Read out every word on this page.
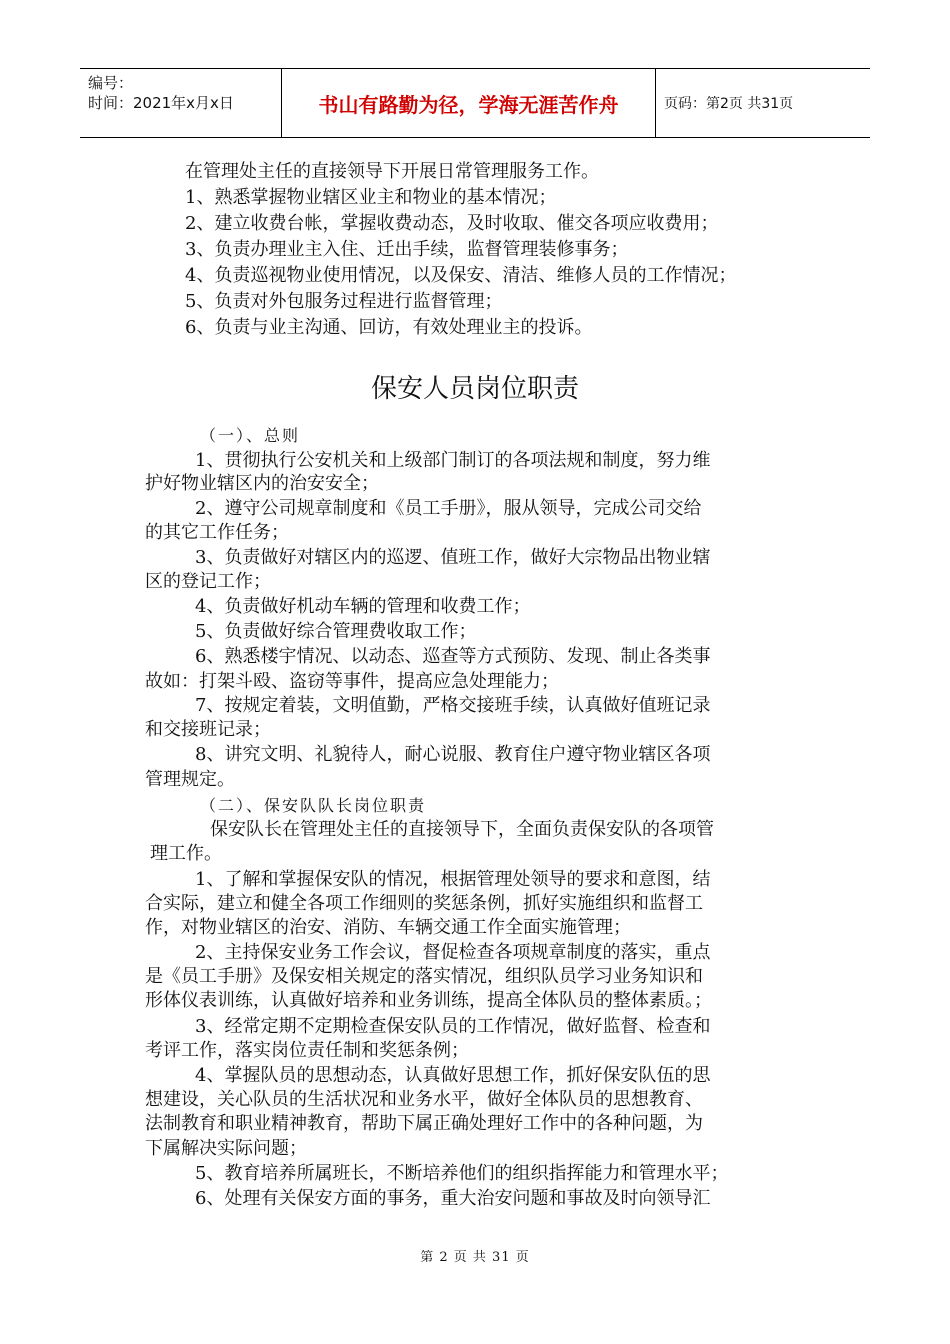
编号：
时间：2021年x月x日	书山有路勤为径，学海无涯苦作舟	页码：第2页 共31页
在管理处主任的直接领导下开展日常管理服务工作。
1、熟悉掌握物业辖区业主和物业的基本情况；
2、建立收费台帐，掌握收费动态，及时收取、催交各项应收费用；
3、负责办理业主入住、迁出手续，监督管理装修事务；
4、负责巡视物业使用情况，以及保安、清洁、维修人员的工作情况；
5、负责对外包服务过程进行监督管理；
6、负责与业主沟通、回访，有效处理业主的投诉。
保安人员岗位职责
（一）、总则
1、贯彻执行公安机关和上级部门制订的各项法规和制度，努力维
护好物业辖区内的治安安全；
2、遵守公司规章制度和《员工手册》，服从领导，完成公司交给
的其它工作任务；
3、负责做好对辖区内的巡逻、值班工作，做好大宗物品出物业辖
区的登记工作；
4、负责做好机动车辆的管理和收费工作；
5、负责做好综合管理费收取工作；
6、熟悉楼宇情况、以动态、巡查等方式预防、发现、制止各类事
故如：打架斗殴、盗窃等事件，提高应急处理能力；
7、按规定着装，文明值勤，严格交接班手续，认真做好值班记录
和交接班记录；
8、讲究文明、礼貌待人，耐心说服、教育住户遵守物业辖区各项
管理规定。
（二）、保安队队长岗位职责
保安队长在管理处主任的直接领导下，全面负责保安队的各项管
理工作。
1、了解和掌握保安队的情况，根据管理处领导的要求和意图，结
合实际，建立和健全各项工作细则的奖惩条例，抓好实施组织和监督工
作，对物业辖区的治安、消防、车辆交通工作全面实施管理；
2、主持保安业务工作会议，督促检查各项规章制度的落实，重点
是《员工手册》及保安相关规定的落实情况，组织队员学习业务知识和
形体仪表训练，认真做好培养和业务训练，提高全体队员的整体素质。；
3、经常定期不定期检查保安队员的工作情况，做好监督、检查和
考评工作，落实岗位责任制和奖惩条例；
4、掌握队员的思想动态，认真做好思想工作，抓好保安队伍的思
想建设，关心队员的生活状况和业务水平，做好全体队员的思想教育、
法制教育和职业精神教育，帮助下属正确处理好工作中的各种问题，为
下属解决实际问题；
5、教育培养所属班长，不断培养他们的组织指挥能力和管理水平；
6、处理有关保安方面的事务，重大治安问题和事故及时向领导汇
第 2 页 共 31 页
